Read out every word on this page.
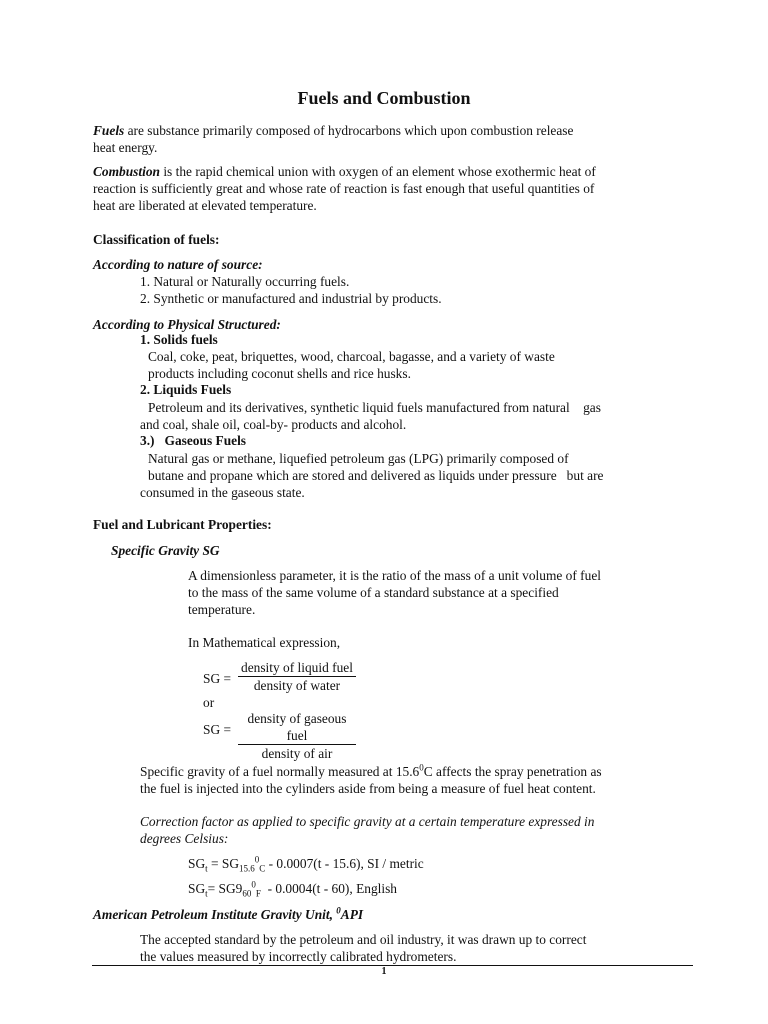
Fuels and Combustion
Fuels are substance primarily composed of hydrocarbons which upon combustion release
heat energy.
Combustion is the rapid chemical union with oxygen of an element whose exothermic heat of
reaction is sufficiently great and whose rate of reaction is fast enough that useful quantities of
heat are liberated at elevated temperature.
Classification of fuels:
According to nature of source:
1. Natural or Naturally occurring fuels.
2. Synthetic or manufactured and industrial by products.
According to Physical Structured:
1. Solids fuels
Coal, coke, peat, briquettes, wood, charcoal, bagasse, and a variety of waste
products including coconut shells and rice husks.
2. Liquids Fuels
Petroleum and its derivatives, synthetic liquid fuels manufactured from natural    gas
and coal, shale oil, coal-by- products and alcohol.
3.)   Gaseous Fuels
Natural gas or methane, liquefied petroleum gas (LPG) primarily composed of
butane and propane which are stored and delivered as liquids under pressure   but are
consumed in the gaseous state.
Fuel and Lubricant Properties:
Specific Gravity SG
A dimensionless parameter, it is the ratio of the mass of a unit volume of fuel
to the mass of the same volume of a standard substance at a specified
temperature.
In Mathematical expression,
SG =
density of liquid fuel
density of water
or
SG =
density of gaseous fuel
density of air
Specific gravity of a fuel normally measured at 15.6$^0$C affects the spray penetration as
the fuel is injected into the cylinders aside from being a measure of fuel heat content.
Correction factor as applied to specific gravity at a certain temperature expressed in
degrees Celsius:
$SG_t = SG_{15.6}^0_C - 0.0007(t - 15.6)$, SI / metric
$SG_t= SG9_{60}^0_F - 0.0004(t - 60)$, English
American Petroleum Institute Gravity Unit, $^0$API
The accepted standard by the petroleum and oil industry, it was drawn up to correct
the values measured by incorrectly calibrated hydrometers.
1
